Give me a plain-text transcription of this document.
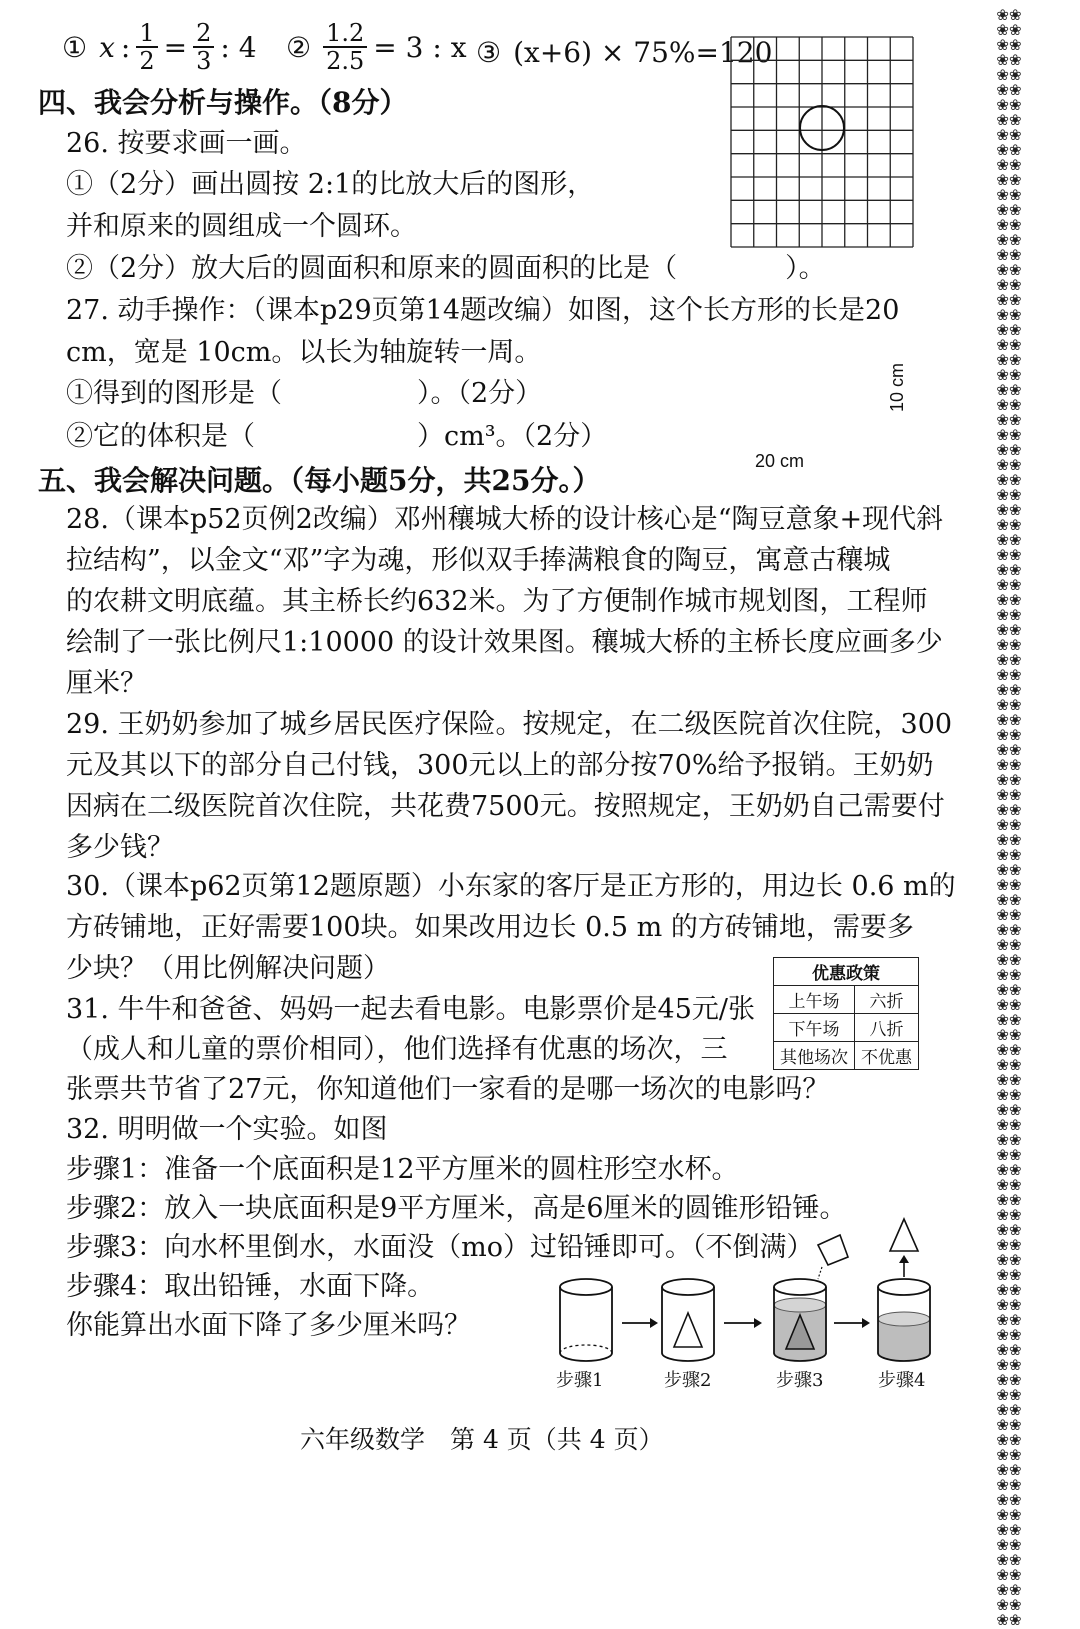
① x : $\frac{1}{2} = \frac{2}{3}$ : 4 ② $\frac{1.2}{2.5} = 3$ : x ③ (x+6) × 75%=120
四、我会分析与操作。（8分）
26. 按要求画一画。
①（2分）画出圆按 2:1的比放大后的图形，
并和原来的圆组成一个圆环。
②（2分）放大后的圆面积和原来的圆面积的比是（　　　　）。
27. 动手操作：（课本p29页第14题改编）如图，这个长方形的长是20
cm，宽是 10cm。以长为轴旋转一周。
①得到的图形是（　　　　　）。（2分）
②它的体积是（　　　　　　）cm³。（2分）
10 cm
20 cm
五、我会解决问题。（每小题5分，共25分。）
28.（课本p52页例2改编）邓州穰城大桥的设计核心是“陶豆意象+现代斜
拉结构”，以金文“邓”字为魂，形似双手捧满粮食的陶豆，寓意古穰城
的农耕文明底蕴。其主桥长约632米。为了方便制作城市规划图，工程师
绘制了一张比例尺1:10000 的设计效果图。穰城大桥的主桥长度应画多少
厘米？
29. 王奶奶参加了城乡居民医疗保险。按规定，在二级医院首次住院，300
元及其以下的部分自己付钱，300元以上的部分按70%给予报销。王奶奶
因病在二级医院首次住院，共花费7500元。按照规定，王奶奶自己需要付
多少钱？
30.（课本p62页第12题原题）小东家的客厅是正方形的，用边长 0.6 m的
方砖铺地，正好需要100块。如果改用边长 0.5 m 的方砖铺地，需要多
少块？（用比例解决问题）
31. 牛牛和爸爸、妈妈一起去看电影。电影票价是45元/张
（成人和儿童的票价相同），他们选择有优惠的场次，三
张票共节省了27元，你知道他们一家看的是哪一场次的电影吗？
优惠政策	
上午场	六折
下午场	八折
其他场次	不优惠
32. 明明做一个实验。如图
步骤1：准备一个底面积是12平方厘米的圆柱形空水杯。
步骤2：放入一块底面积是9平方厘米，高是6厘米的圆锥形铅锤。
步骤3：向水杯里倒水，水面没（mo）过铅锤即可。（不倒满）
步骤4：取出铅锤，水面下降。
你能算出水面下降了多少厘米吗？
步骤1	步骤2	步骤3	步骤4
六年级数学　第 4 页（共 4 页）
❀❀❀❀❀❀❀❀❀❀❀❀❀❀❀❀❀❀❀❀❀❀❀❀❀❀❀❀❀❀❀❀❀❀❀❀❀❀❀❀❀❀❀❀❀❀❀❀❀❀❀❀❀❀❀❀❀❀❀❀❀❀❀❀❀❀❀❀❀❀❀❀❀❀❀❀❀❀❀❀❀❀❀❀❀❀❀❀❀❀❀❀❀❀❀❀❀❀❀❀❀❀❀❀❀❀❀❀❀❀❀❀❀❀❀❀❀❀❀❀❀❀❀❀❀❀❀❀❀❀❀❀❀❀❀❀❀❀❀❀❀❀❀❀❀❀❀❀❀❀❀❀❀❀❀❀❀❀❀❀❀❀❀❀❀❀❀❀❀❀❀❀❀❀❀❀❀❀❀❀❀❀❀❀❀❀❀❀❀❀❀❀❀❀❀❀❀❀❀❀❀❀❀❀❀❀❀❀❀❀❀❀❀❀❀❀
